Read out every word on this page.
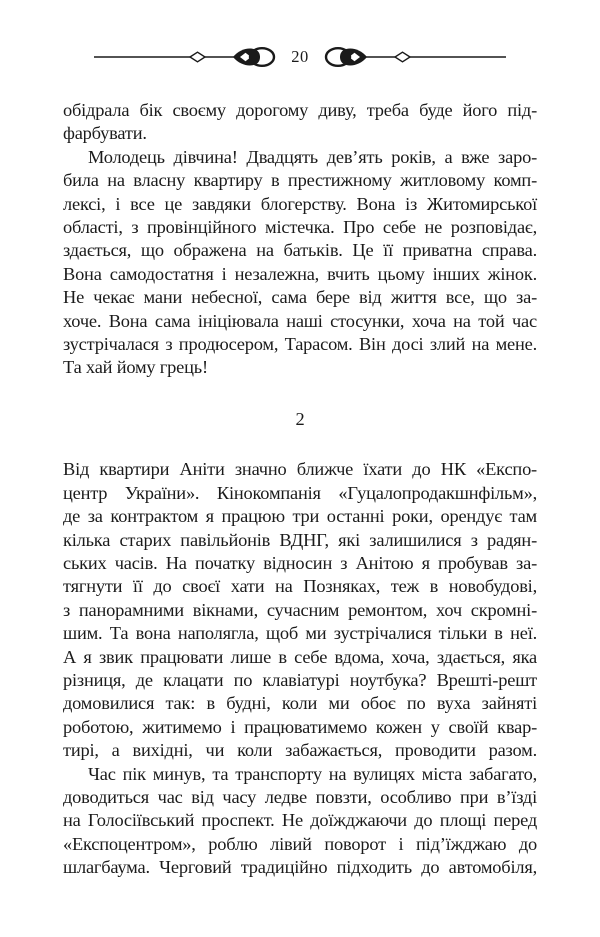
20

обідрала бік своєму дорогому диву, треба буде його під-
фарбувати.

Молодець дівчина! Двадцять дев’ять років, а вже заро-
била на власну квартиру в престижному житловому комп-
лексі, і все це завдяки блогерству. Вона із Житомирської
області, з провінційного містечка. Про себе не розповідає,
здається, що ображена на батьків. Це її приватна справа.
Вона самодостатня і незалежна, вчить цьому інших жінок.
Не чекає мани небесної, сама бере від життя все, що за-
хоче. Вона сама ініціювала наші стосунки, хоча на той час
зустрічалася з продюсером, Тарасом. Він досі злий на мене.
Та хай йому грець!

2

Від квартири Аніти значно ближче їхати до НК «Експо-
центр України». Кінокомпанія «Гуцалопродакшнфільм»,
де за контрактом я працюю три останні роки, орендує там
кілька старих павільйонів ВДНГ, які залишилися з радян-
ських часів. На початку відносин з Анітою я пробував за-
тягнути її до своєї хати на Позняках, теж в новобудові,
з панорамними вікнами, сучасним ремонтом, хоч скромні-
шим. Та вона наполягла, щоб ми зустрічалися тільки в неї.
А я звик працювати лише в себе вдома, хоча, здається, яка
різниця, де клацати по клавіатурі ноутбука? Врешті-решт
домовилися так: в будні, коли ми обоє по вуха зайняті
роботою, житимемо і працюватимемо кожен у своїй квар-
тирі, а вихідні, чи коли забажається, проводити разом.

Час пік минув, та транспорту на вулицях міста забагато,
доводиться час від часу ледве повзти, особливо при в’їзді
на Голосіївський проспект. Не доїжджаючи до площі перед
«Експоцентром», роблю лівий поворот і під’їжджаю до
шлагбаума. Черговий традиційно підходить до автомобіля,
